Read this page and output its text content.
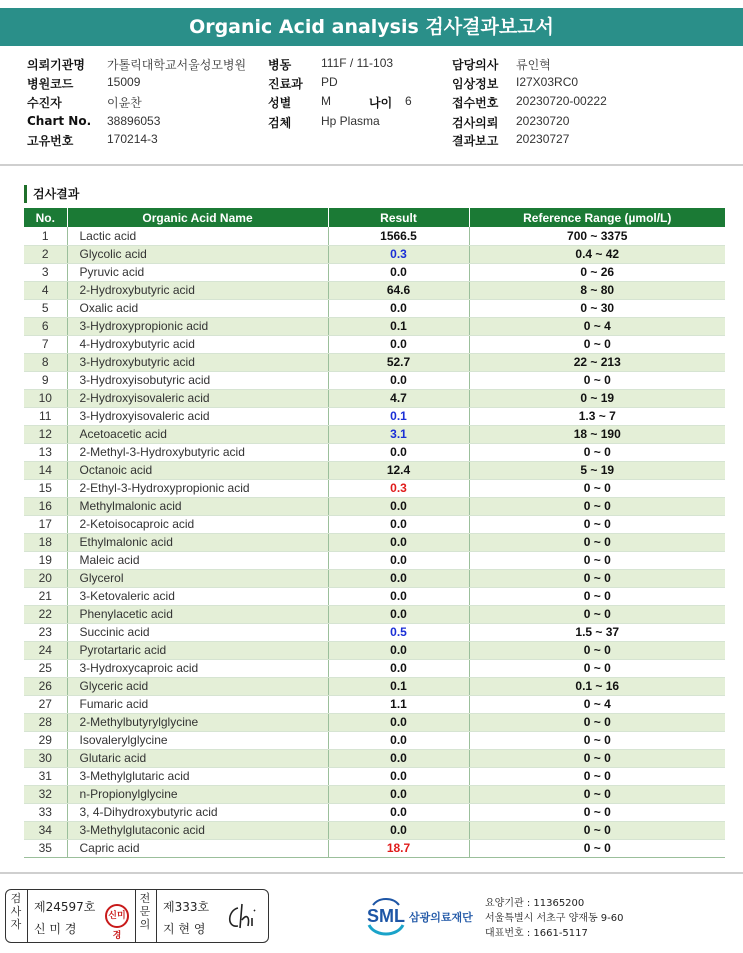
Organic Acid analysis 검사결과보고서
의뢰기관명 가톨릭대학교서울성모병원 병동 111F / 11-103	담당의사 류인혁
병원코드	15009	진료과 PD	임상정보 I27X03RC0
수진자	이윤찬	성별 M	나이 6	접수번호 20230720-00222
Chart No. 38896053	검체 Hp Plasma	검사의뢰 20230720
고유번호	170214-3	결과보고 20230727
검사결과
No.	Organic Acid Name	Result	Reference Range (µmol/L)
1	Lactic acid	1566.5	700 ~ 3375
2	Glycolic acid	0.3	0.4 ~ 42
3	Pyruvic acid	0.0	0 ~ 26
4	2-Hydroxybutyric acid	64.6	8 ~ 80
5	Oxalic acid	0.0	0 ~ 30
6	3-Hydroxypropionic acid	0.1	0 ~ 4
7	4-Hydroxybutyric acid	0.0	0 ~ 0
8	3-Hydroxybutyric acid	52.7	22 ~ 213
9	3-Hydroxyisobutyric acid	0.0	0 ~ 0
10	2-Hydroxyisovaleric acid	4.7	0 ~ 19
11	3-Hydroxyisovaleric acid	0.1	1.3 ~ 7
12	Acetoacetic acid	3.1	18 ~ 190
13	2-Methyl-3-Hydroxybutyric acid	0.0	0 ~ 0
14	Octanoic acid	12.4	5 ~ 19
15	2-Ethyl-3-Hydroxypropionic acid	0.3	0 ~ 0
16	Methylmalonic acid	0.0	0 ~ 0
17	2-Ketoisocaproic acid	0.0	0 ~ 0
18	Ethylmalonic acid	0.0	0 ~ 0
19	Maleic acid	0.0	0 ~ 0
20	Glycerol	0.0	0 ~ 0
21	3-Ketovaleric acid	0.0	0 ~ 0
22	Phenylacetic acid	0.0	0 ~ 0
23	Succinic acid	0.5	1.5 ~ 37
24	Pyrotartaric acid	0.0	0 ~ 0
25	3-Hydroxycaproic acid	0.0	0 ~ 0
26	Glyceric acid	0.1	0.1 ~ 16
27	Fumaric acid	1.1	0 ~ 4
28	2-Methylbutyrylglycine	0.0	0 ~ 0
29	Isovalerylglycine	0.0	0 ~ 0
30	Glutaric acid	0.0	0 ~ 0
31	3-Methylglutaric acid	0.0	0 ~ 0
32	n-Propionylglycine	0.0	0 ~ 0
33	3, 4-Dihydroxybutyric acid	0.0	0 ~ 0
34	3-Methylglutaconic acid	0.0	0 ~ 0
35	Capric acid	18.7	0 ~ 0
검사자
제24597호
신 미 경
신미경
전문의
제333호
지 현 영
SML 삼광의료재단
요양기관 : 11365200
서울특별시 서초구 양재동 9-60
대표번호 : 1661-5117
